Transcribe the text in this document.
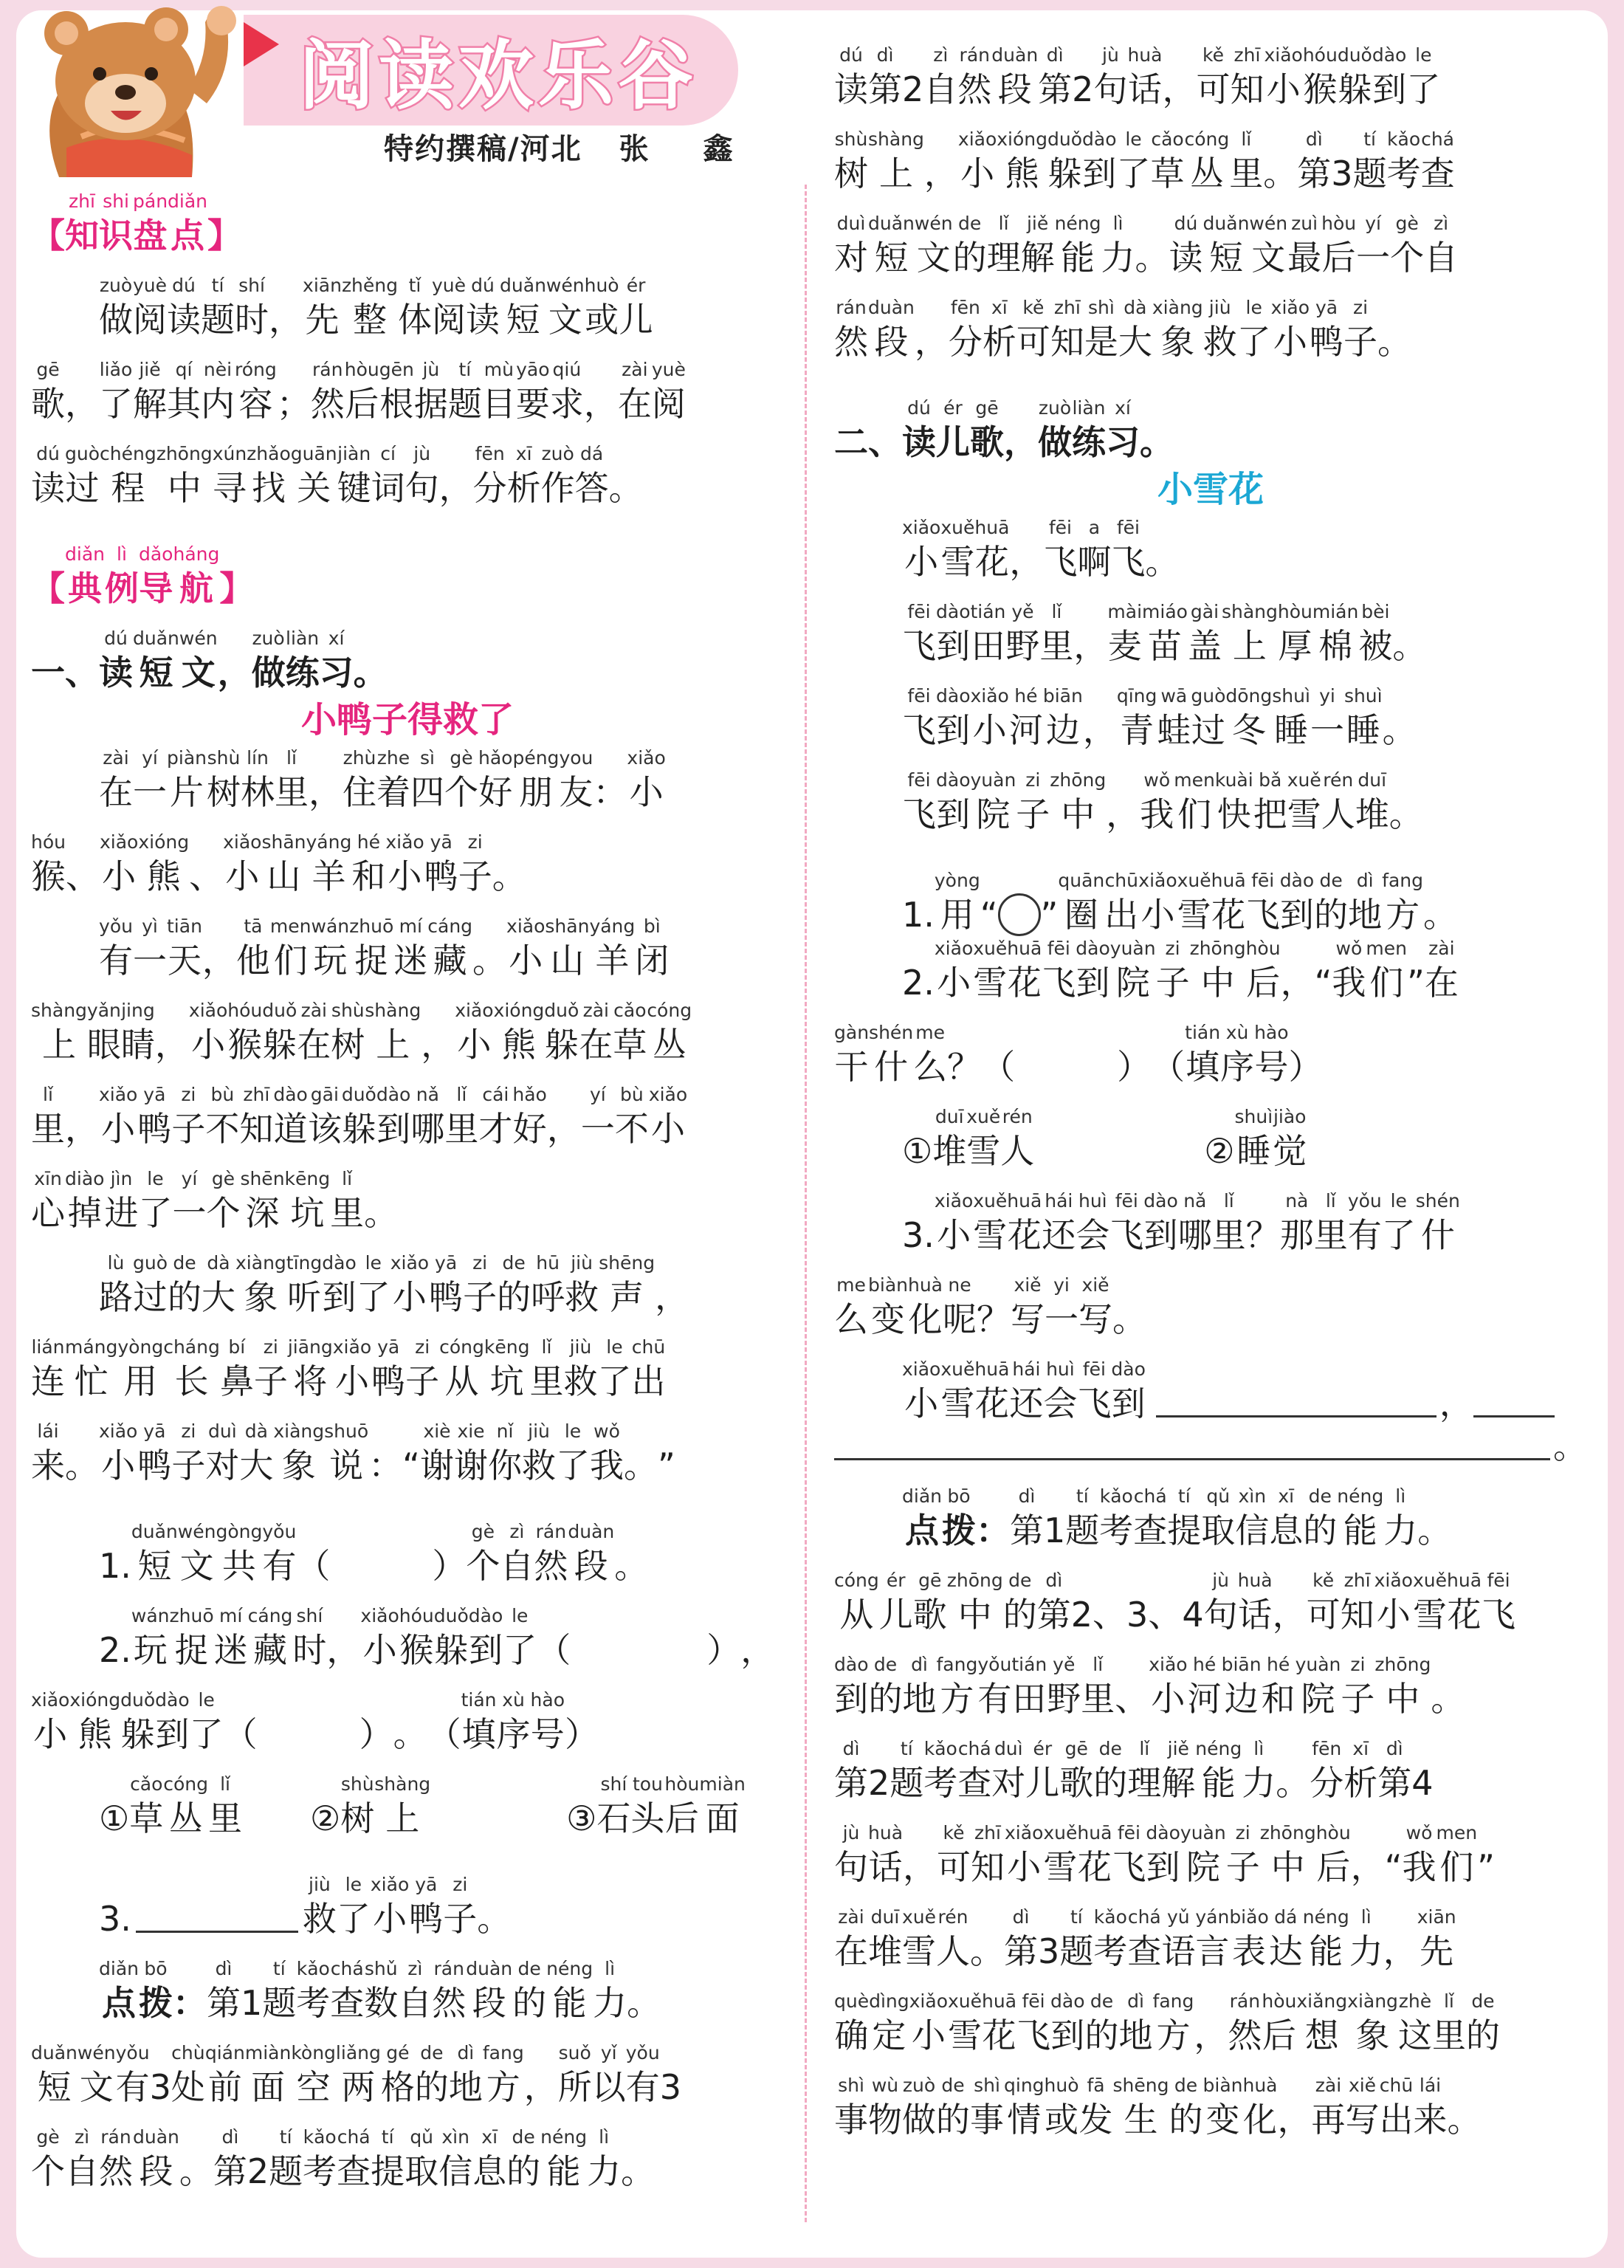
阅读欢乐谷
特约撰稿/河北 张 鑫
【
zhī
知
shi
识
pán
盘
diǎn
点 】

zuò
做
yuè
阅
dú
读
tí
题
shí
时 ，
xiān
先
zhěng
整
tǐ
体
yuè
阅
dú
读
duǎn
短
wén
文
huò
或
ér
儿
gē
歌 ，
liǎo
了
jiě
解
qí
其
nèi
内
róng
容 ；
rán
然
hòu
后
gēn
根
jù
据
tí
题
mù
目
yāo
要
qiú
求 ，
zài
在
yuè
阅
dú
读
guò
过
chéng
程
zhōng
中
xún
寻
zhǎo
找
guān
关
jiàn
键
cí
词
jù
句 ，
fēn
分
xī
析
zuò
作
dá
答 。
【
diǎn
典
lì
例
dǎo
导
háng
航 】
一 、
dú
读
duǎn
短
wén
文 ，
zuò
做
liàn
练
xí
习 。
小鸭子得救了

zài
在
yí
一
piàn
片
shù
树
lín
林
lǐ
里 ，
zhù
住
zhe
着
sì
四
gè
个
hǎo
好
péng
朋
you
友 ：
xiǎo
小
hóu
猴 、
xiǎo
小
xióng
熊 、
xiǎo
小
shān
山
yáng
羊
hé
和
xiǎo
小
yā
鸭
zi
子 。

yǒu
有
yì
一
tiān
天 ，
tā
他
men
们
wán
玩
zhuō
捉
mí
迷
cáng
藏 。
xiǎo
小
shān
山
yáng
羊
bì
闭
shàng
上
yǎn
眼
jing
睛 ，
xiǎo
小
hóu
猴
duǒ
躲
zài
在
shù
树
shàng
上 ，
xiǎo
小
xióng
熊
duǒ
躲
zài
在
cǎo
草
cóng
丛
lǐ
里 ，
xiǎo
小
yā
鸭
zi
子
bù
不
zhī
知
dào
道
gāi
该
duǒ
躲
dào
到
nǎ
哪
lǐ
里
cái
才
hǎo
好 ，
yí
一
bù
不
xiǎo
小
xīn
心
diào
掉
jìn
进
le
了
yí
一
gè
个
shēn
深
kēng
坑
lǐ
里 。

lù
路
guò
过
de
的
dà
大
xiàng
象
tīng
听
dào
到
le
了
xiǎo
小
yā
鸭
zi
子
de
的
hū
呼
jiù
救
shēng
声 ，
lián
连
máng
忙
yòng
用
cháng
长
bí
鼻
zi
子
jiāng
将
xiǎo
小
yā
鸭
zi
子
cóng
从
kēng
坑
lǐ
里
jiù
救
le
了
chū
出
lái
来 。
xiǎo
小
yā
鸭
zi
子
duì
对
dà
大
xiàng
象
shuō
说 ： “
xiè
谢
xie
谢
nǐ
你
jiù
救
le
了
wǒ
我 。 ”

1.
duǎn
短
wén
文
gòng
共
yǒu
有 （

　	）
gè
个
zì
自
rán
然
duàn
段 。

2.
wán
玩
zhuō
捉
mí
迷
cáng
藏
shí
时 ，
xiǎo
小
hóu
猴
duǒ
躲
dào
到
le
了 （

　	） ，
xiǎo
小
xióng
熊
duǒ
躲
dào
到
le
了 （

　	） 。 （
tián
填
xù
序
hào
号 ）

①
cǎo
草
cóng
丛
lǐ
里

　 ②
shù
树
shàng
上

　	③
shí
石
tou
头
hòu
后
miàn
面

3.
jiù
救
le
了
xiǎo
小
yā
鸭
zi
子 。

diǎn
点
bō
拨 ：
dì
第 1
tí
题
kǎo
考
chá
查
shǔ
数
zì
自
rán
然
duàn
段
de
的
néng
能
lì
力 。
duǎn
短
wén
文
yǒu
有 3
chù
处
qián
前
miàn
面
kòng
空
liǎng
两
gé
格
de
的
dì
地
fang
方 ，
suǒ
所
yǐ
以
yǒu
有 3
gè
个
zì
自
rán
然
duàn
段 。
dì
第 2
tí
题
kǎo
考
chá
查
tí
提
qǔ
取
xìn
信
xī
息
de
的
néng
能
lì
力 。
dú
读
dì
第 2
zì
自
rán
然
duàn
段
dì
第 2
jù
句
huà
话 ，
kě
可
zhī
知
xiǎo
小
hóu
猴
duǒ
躲
dào
到
le
了
shù
树
shàng
上 ，
xiǎo
小
xióng
熊
duǒ
躲
dào
到
le
了
cǎo
草
cóng
丛
lǐ
里 。
dì
第 3
tí
题
kǎo
考
chá
查
duì
对
duǎn
短
wén
文
de
的
lǐ
理
jiě
解
néng
能
lì
力 。
dú
读
duǎn
短
wén
文
zuì
最
hòu
后
yí
一
gè
个
zì
自
rán
然
duàn
段 ，
fēn
分
xī
析
kě
可
zhī
知
shì
是
dà
大
xiàng
象
jiù
救
le
了
xiǎo
小
yā
鸭
zi
子 。
二 、
dú
读
ér
儿
gē
歌 ，
zuò
做
liàn
练
xí
习 。
小雪花

xiǎo
小
xuě
雪
huā
花 ，
fēi
飞
a
啊
fēi
飞 。

fēi
飞
dào
到
tián
田
yě
野
lǐ
里 ，
mài
麦
miáo
苗
gài
盖
shàng
上
hòu
厚
mián
棉
bèi
被 。

fēi
飞
dào
到
xiǎo
小
hé
河
biān
边 ，
qīng
青
wā
蛙
guò
过
dōng
冬
shuì
睡
yi
一
shuì
睡 。

fēi
飞
dào
到
yuàn
院
zi
子
zhōng
中 ，
wǒ
我
men
们
kuài
快
bǎ
把
xuě
雪
rén
人
duī
堆 。

1.
yòng
用 “ ”
quān
圈
chū
出
xiǎo
小
xuě
雪
huā
花
fēi
飞
dào
到
de
的
dì
地
fang
方 。

2.
xiǎo
小
xuě
雪
huā
花
fēi
飞
dào
到
yuàn
院
zi
子
zhōng
中
hòu
后 ， “
wǒ
我
men
们 ”
zài
在
gàn
干
shén
什
me
么 ？ （

　	） （
tián
填
xù
序
hào
号 ）

①
duī
堆
xuě
雪
rén
人

　	②
shuì
睡
jiào
觉

3.
xiǎo
小
xuě
雪
huā
花
hái
还
huì
会
fēi
飞
dào
到
nǎ
哪
lǐ
里 ？
nà
那
lǐ
里
yǒu
有
le
了
shén
什
me
么
biàn
变
huà
化
ne
呢 ？
xiě
写
yi
一
xiě
写 。

xiǎo
小
xuě
雪
huā
花
hái
还
huì
会
fēi
飞
dào
到	，
。

diǎn
点
bō
拨 ：
dì
第 1
tí
题
kǎo
考
chá
查
tí
提
qǔ
取
xìn
信
xī
息
de
的
néng
能
lì
力 。
cóng
从
ér
儿
gē
歌
zhōng
中
de
的
dì
第 2 、 3 、 4
jù
句
huà
话 ，
kě
可
zhī
知
xiǎo
小
xuě
雪
huā
花
fēi
飞
dào
到
de
的
dì
地
fang
方
yǒu
有
tián
田
yě
野
lǐ
里 、
xiǎo
小
hé
河
biān
边
hé
和
yuàn
院
zi
子
zhōng
中 。
dì
第 2
tí
题
kǎo
考
chá
查
duì
对
ér
儿
gē
歌
de
的
lǐ
理
jiě
解
néng
能
lì
力 。
fēn
分
xī
析
dì
第 4
jù
句
huà
话 ，
kě
可
zhī
知
xiǎo
小
xuě
雪
huā
花
fēi
飞
dào
到
yuàn
院
zi
子
zhōng
中
hòu
后 ， “
wǒ
我
men
们 ”
zài
在
duī
堆
xuě
雪
rén
人 。
dì
第 3
tí
题
kǎo
考
chá
查
yǔ
语
yán
言
biǎo
表
dá
达
néng
能
lì
力 ，
xiān
先
què
确
dìng
定
xiǎo
小
xuě
雪
huā
花
fēi
飞
dào
到
de
的
dì
地
fang
方 ，
rán
然
hòu
后
xiǎng
想
xiàng
象
zhè
这
lǐ
里
de
的
shì
事
wù
物
zuò
做
de
的
shì
事
qing
情
huò
或
fā
发
shēng
生
de
的
biàn
变
huà
化 ，
zài
再
xiě
写
chū
出
lái
来 。
